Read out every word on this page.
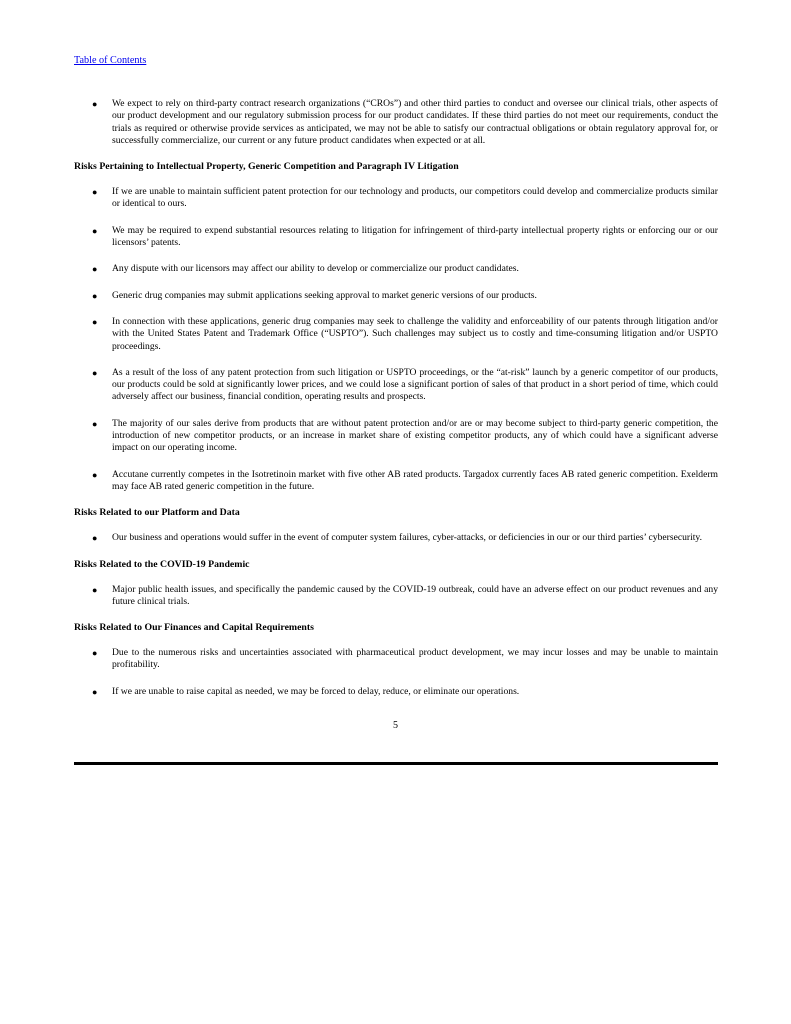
Table of Contents
● We expect to rely on third-party contract research organizations (“CROs”) and other third parties to conduct and oversee our clinical trials, other aspects of our product development and our regulatory submission process for our product candidates. If these third parties do not meet our requirements, conduct the trials as required or otherwise provide services as anticipated, we may not be able to satisfy our contractual obligations or obtain regulatory approval for, or successfully commercialize, our current or any future product candidates when expected or at all.
Risks Pertaining to Intellectual Property, Generic Competition and Paragraph IV Litigation
● If we are unable to maintain sufficient patent protection for our technology and products, our competitors could develop and commercialize products similar or identical to ours.
● We may be required to expend substantial resources relating to litigation for infringement of third-party intellectual property rights or enforcing our or our licensors’ patents.
● Any dispute with our licensors may affect our ability to develop or commercialize our product candidates.
● Generic drug companies may submit applications seeking approval to market generic versions of our products.
● In connection with these applications, generic drug companies may seek to challenge the validity and enforceability of our patents through litigation and/or with the United States Patent and Trademark Office (“USPTO”). Such challenges may subject us to costly and time-consuming litigation and/or USPTO proceedings.
● As a result of the loss of any patent protection from such litigation or USPTO proceedings, or the “at-risk” launch by a generic competitor of our products, our products could be sold at significantly lower prices, and we could lose a significant portion of sales of that product in a short period of time, which could adversely affect our business, financial condition, operating results and prospects.
● The majority of our sales derive from products that are without patent protection and/or are or may become subject to third-party generic competition, the introduction of new competitor products, or an increase in market share of existing competitor products, any of which could have a significant adverse impact on our operating income.
● Accutane currently competes in the Isotretinoin market with five other AB rated products. Targadox currently faces AB rated generic competition. Exelderm may face AB rated generic competition in the future.
Risks Related to our Platform and Data
● Our business and operations would suffer in the event of computer system failures, cyber-attacks, or deficiencies in our or our third parties’ cybersecurity.
Risks Related to the COVID-19 Pandemic
● Major public health issues, and specifically the pandemic caused by the COVID-19 outbreak, could have an adverse effect on our product revenues and any future clinical trials.
Risks Related to Our Finances and Capital Requirements
● Due to the numerous risks and uncertainties associated with pharmaceutical product development, we may incur losses and may be unable to maintain profitability.
● If we are unable to raise capital as needed, we may be forced to delay, reduce, or eliminate our operations.
5
